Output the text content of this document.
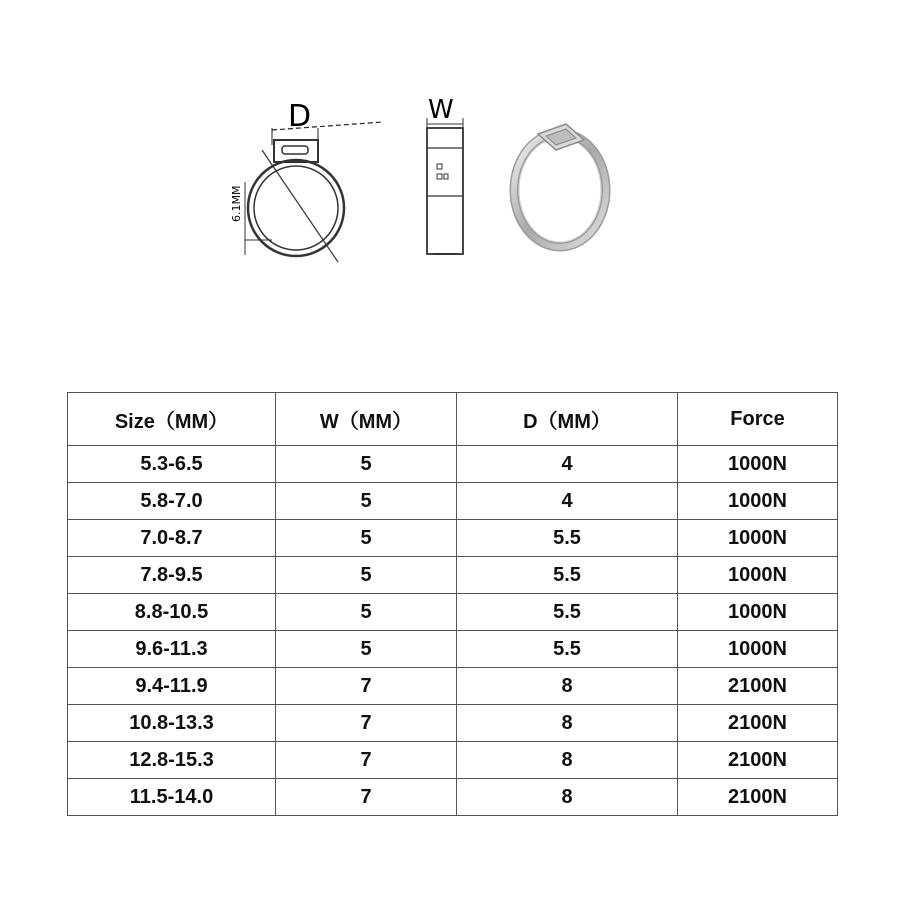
D
6.1MM
W
Size（MM）	W（MM）	D（MM）	Force
5.3-6.5	5	4	1000N
5.8-7.0	5	4	1000N
7.0-8.7	5	5.5	1000N
7.8-9.5	5	5.5	1000N
8.8-10.5	5	5.5	1000N
9.6-11.3	5	5.5	1000N
9.4-11.9	7	8	2100N
10.8-13.3	7	8	2100N
12.8-15.3	7	8	2100N
11.5-14.0	7	8	2100N
